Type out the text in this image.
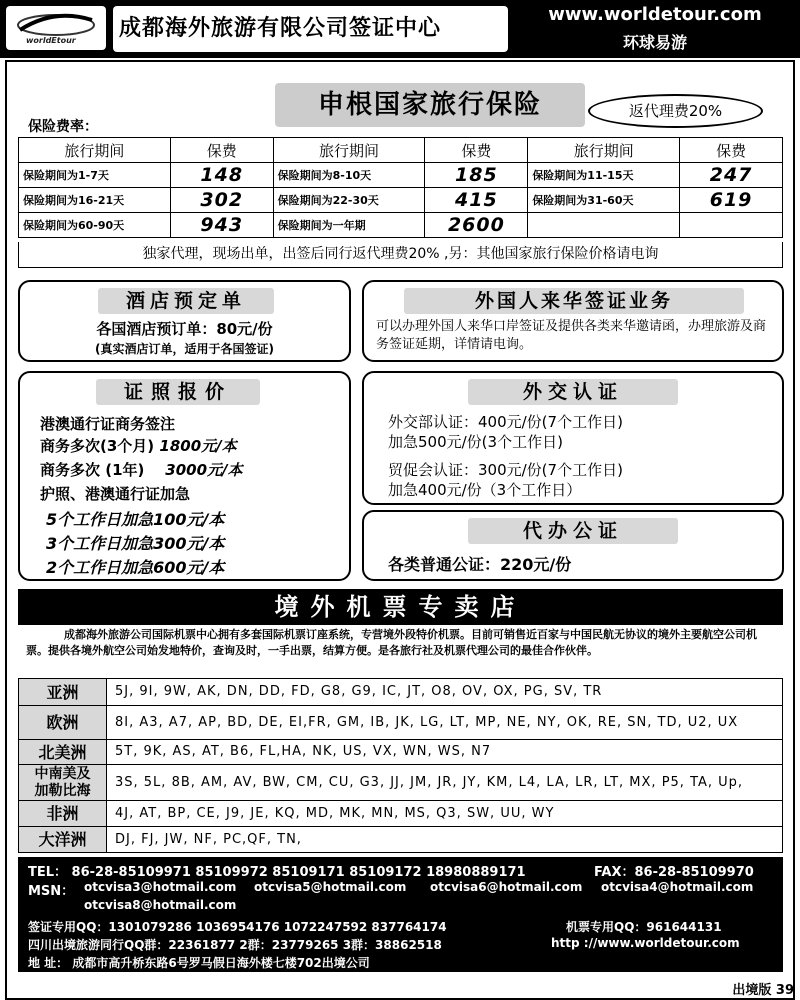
worldEtour 成都海外旅游有限公司签证中心
www.worldetour.com
环球易游
申根国家旅行保险	返代理费20%
保险费率：
旅行期间	保费	旅行期间	保费	旅行期间	保费
保险期间为1-7天	148	保险期间为8-10天	185	保险期间为11-15天	247
保险期间为16-21天	302	保险期间为22-30天	415	保险期间为31-60天	619
保险期间为60-90天	943	保险期间为一年期	2600		
独家代理，现场出单，出签后同行返代理费20% ,另：其他国家旅行保险价格请电询
酒店预定单
各国酒店预订单：80元/份
(真实酒店订单，适用于各国签证)
外国人来华签证业务
可以办理外国人来华口岸签证及提供各类来华邀请函，办理旅游及商务签证延期，详情请电询。
证照报价
港澳通行证商务签注
商务多次(3个月) 1800元/本
商务多次 (1年) 3000元/本
护照、港澳通行证加急
5个工作日加急100元/本
3个工作日加急300元/本
2个工作日加急600元/本
外交认证
外交部认证：400元/份(7个工作日)
加急500元/份(3个工作日)
贸促会认证：300元/份(7个工作日)
加急400元/份（3个工作日）
代办公证
各类普通公证：220元/份
境外机票专卖店
成都海外旅游公司国际机票中心拥有多套国际机票订座系统，专营境外段特价机票。目前可销售近百家与中国民航无协议的境外主要航空公司机票。提供各境外航空公司始发地特价，查询及时，一手出票，结算方便。是各旅行社及机票代理公司的最佳合作伙伴。
亚洲	5J, 9I, 9W, AK, DN, DD, FD, G8, G9, IC, JT, O8, OV, OX, PG, SV, TR
欧洲	8I, A3, A7, AP, BD, DE, EI,FR, GM, IB, JK, LG, LT, MP, NE, NY, OK, RE, SN, TD, U2, UX
北美洲	5T, 9K, AS, AT, B6, FL,HA, NK, US, VX, WN, WS, N7
中南美及加勒比海	3S, 5L, 8B, AM, AV, BW, CM, CU, G3, JJ, JM, JR, JY, KM, L4, LA, LR, LT, MX, P5, TA, Up,
非洲	4J, AT, BP, CE, J9, JE, KQ, MD, MK, MN, MS, Q3, SW, UU, WY
大洋洲	DJ, FJ, JW, NF, PC,QF, TN,
TEL： 86-28-85109971 85109972 85109171 85109172 18980889171	FAX：86-28-85109970
MSN： otcvisa3@hotmail.com otcvisa5@hotmail.com otcvisa6@hotmail.com otcvisa4@hotmail.com
otcvisa8@hotmail.com
签证专用QQ：1301079286 1036954176 1072247592 837764174	机票专用QQ：961644131
四川出境旅游同行QQ群：22361877 2群：23779265 3群：38862518	http ://www.worldetour.com
地 址： 成都市高升桥东路6号罗马假日海外楼七楼702出境公司
出境版 39
